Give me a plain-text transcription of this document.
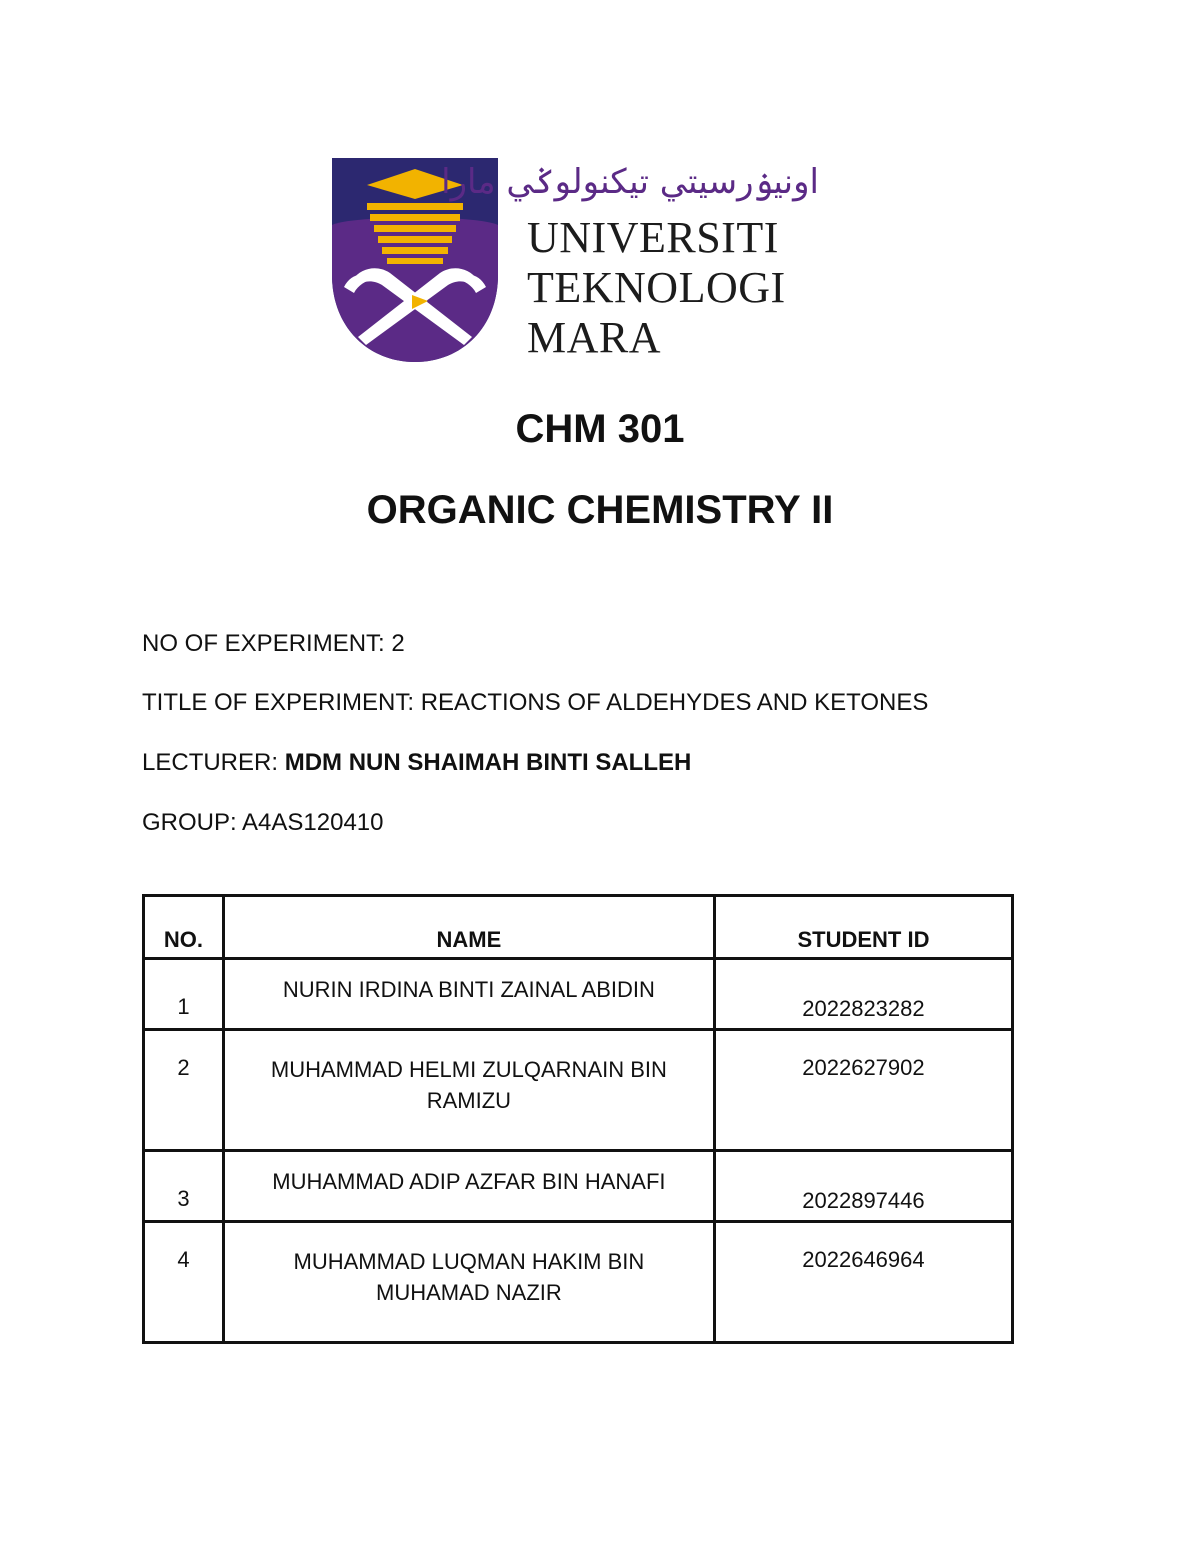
اونيۏرسيتي تيكنولوݢي مارا
UNIVERSITI
TEKNOLOGI
MARA
CHM 301
ORGANIC CHEMISTRY II
NO OF EXPERIMENT: 2
TITLE OF EXPERIMENT: REACTIONS OF ALDEHYDES AND KETONES
LECTURER: MDM NUN SHAIMAH BINTI SALLEH
GROUP: A4AS120410
NO.	NAME	STUDENT ID
1	NURIN IRDINA BINTI ZAINAL ABIDIN	2022823282
2	MUHAMMAD HELMI ZULQARNAIN BIN RAMIZU	2022627902
3	MUHAMMAD ADIP AZFAR BIN HANAFI	2022897446
4	MUHAMMAD LUQMAN HAKIM BIN MUHAMAD NAZIR	2022646964
